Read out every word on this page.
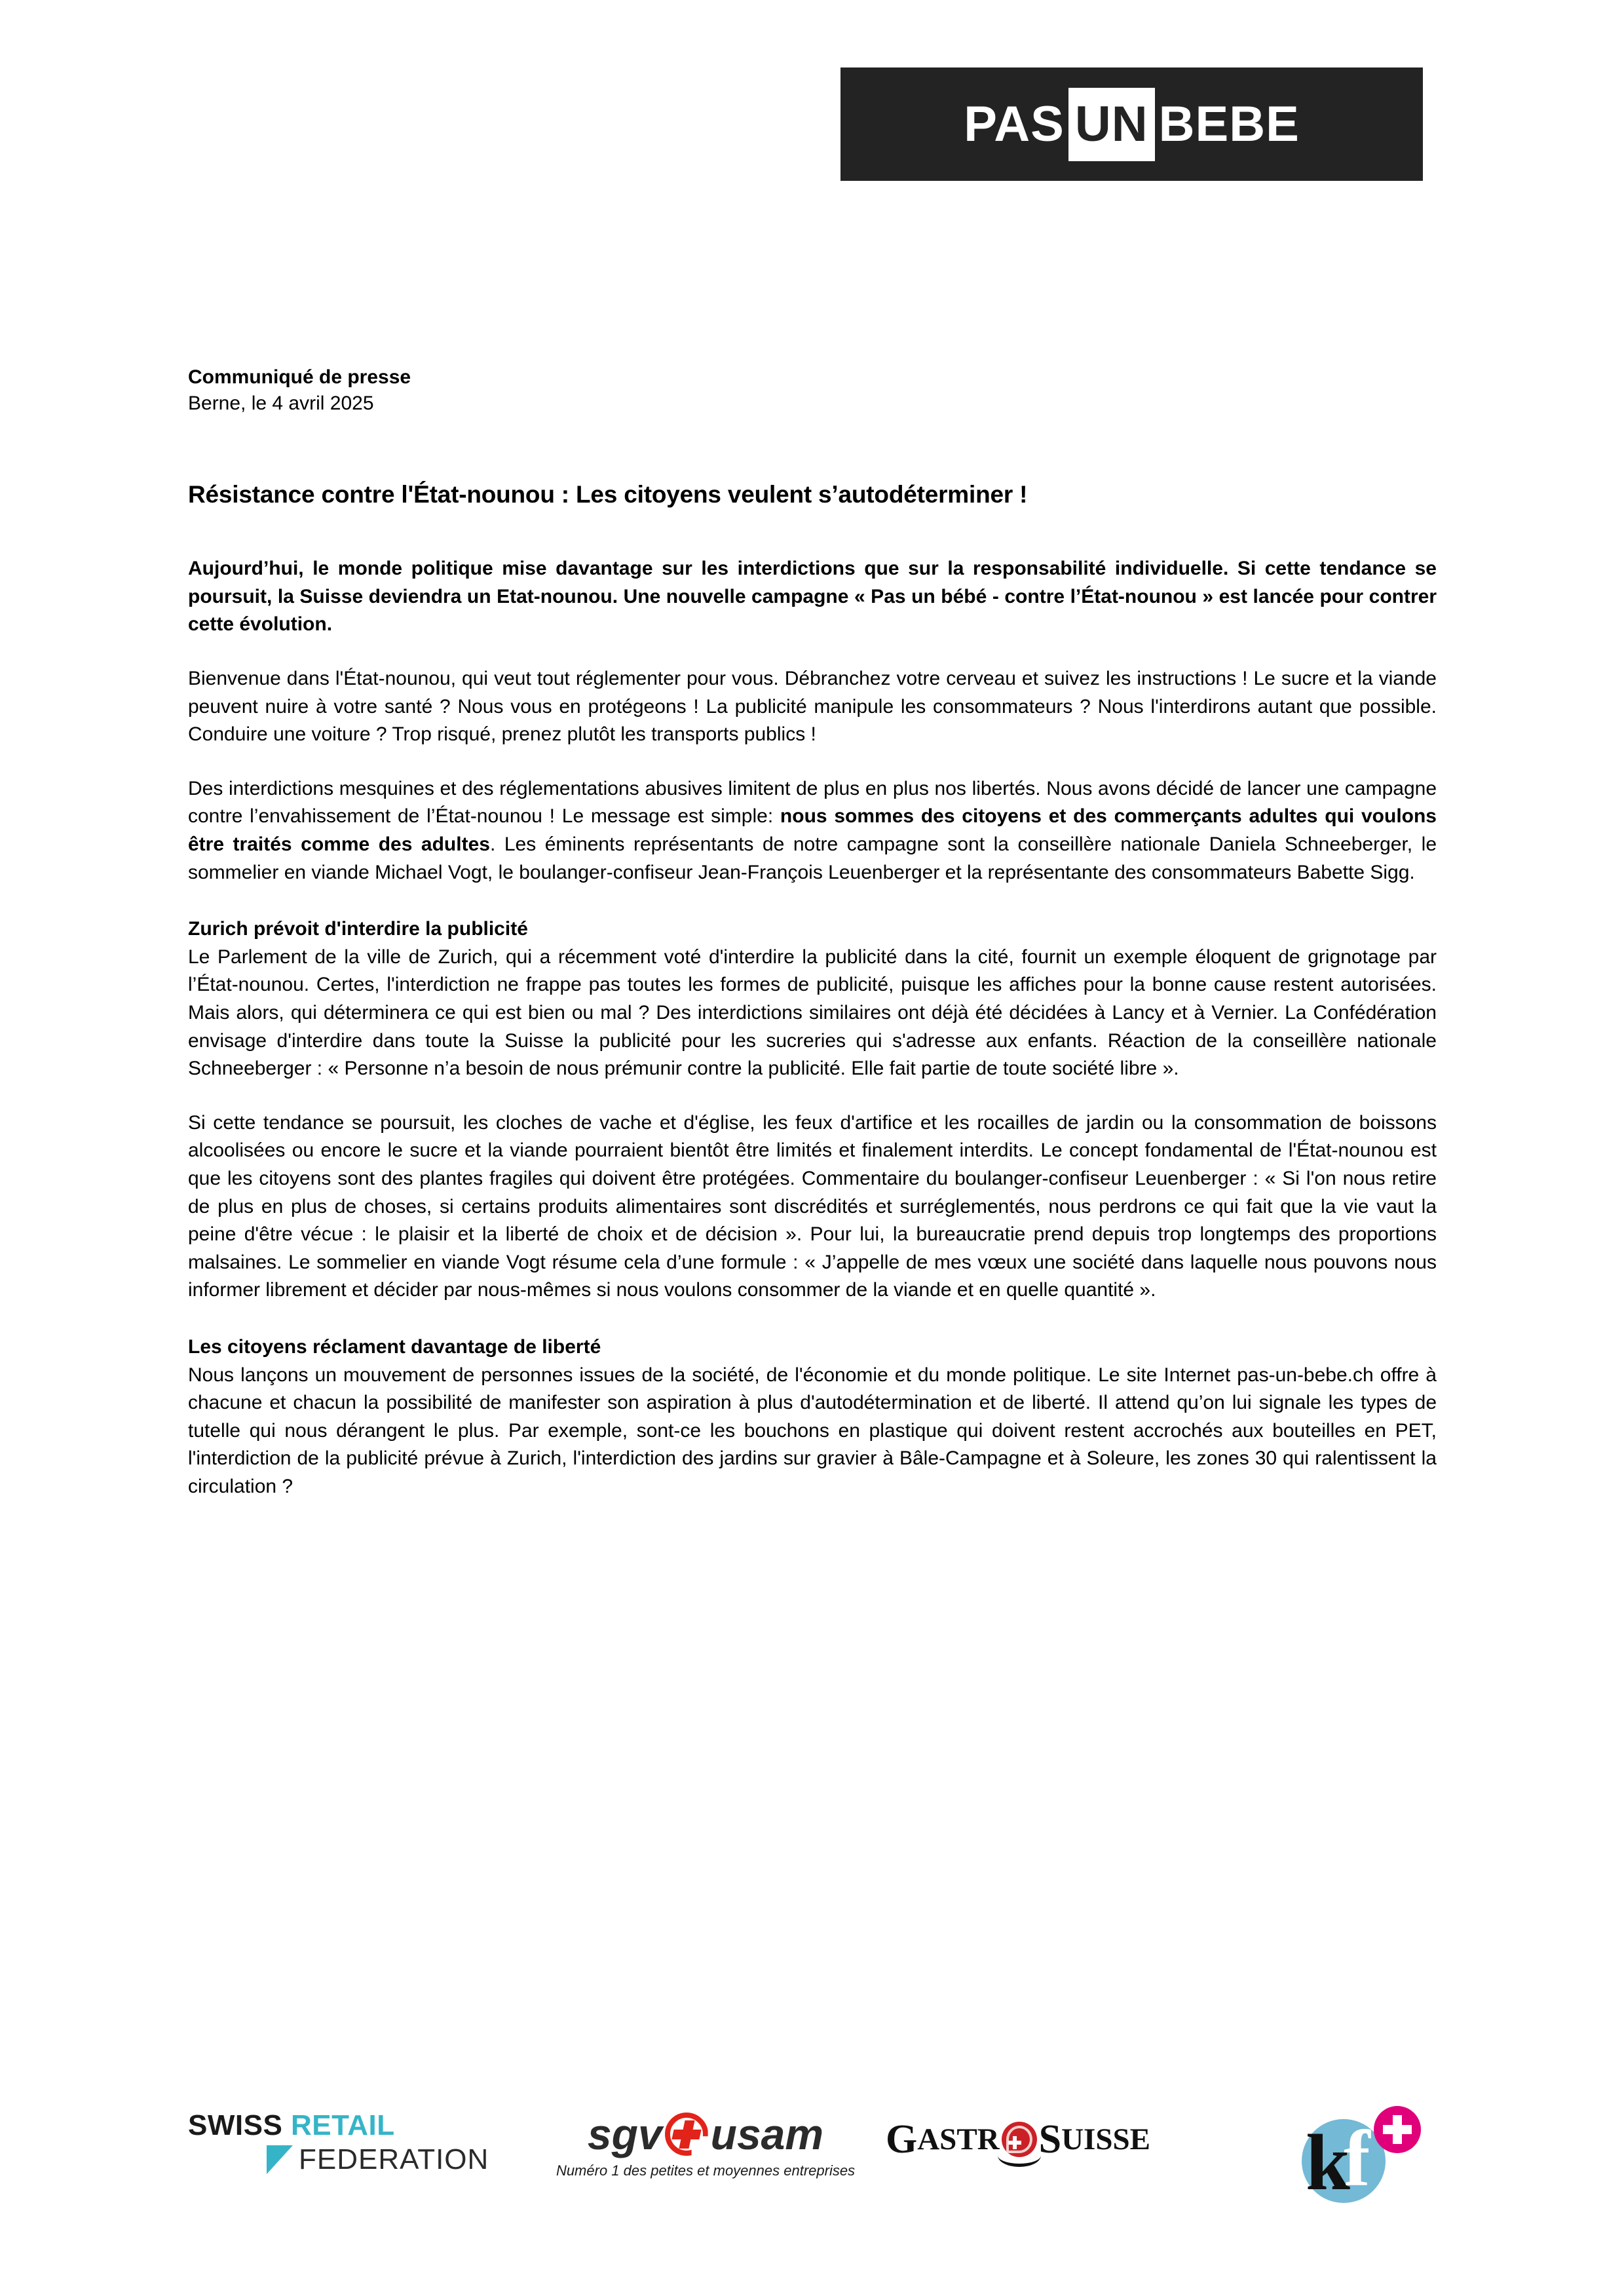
PAS UN BEBE
Communiqué de presse
Berne, le 4 avril 2025
Résistance contre l'État-nounou : Les citoyens veulent s’autodéterminer !

Aujourd’hui, le monde politique mise davantage sur les interdictions que sur la responsabilité individuelle. Si cette tendance se poursuit, la Suisse deviendra un Etat-nounou. Une nouvelle campagne « Pas un bébé - contre l’État-nounou » est lancée pour contrer cette évolution.

Bienvenue dans l'État-nounou, qui veut tout réglementer pour vous. Débranchez votre cerveau et suivez les instructions ! Le sucre et la viande peuvent nuire à votre santé ? Nous vous en protégeons ! La publicité manipule les consommateurs ? Nous l'interdirons autant que possible. Conduire une voiture ? Trop risqué, prenez plutôt les transports publics !

Des interdictions mesquines et des réglementations abusives limitent de plus en plus nos libertés. Nous avons décidé de lancer une campagne contre l’envahissement de l’État-nounou ! Le message est simple: nous sommes des citoyens et des commerçants adultes qui voulons être traités comme des adultes. Les éminents représentants de notre campagne sont la conseillère nationale Daniela Schneeberger, le sommelier en viande Michael Vogt, le boulanger-confiseur Jean-François Leuenberger et la représentante des consommateurs Babette Sigg.

Zurich prévoit d'interdire la publicité

Le Parlement de la ville de Zurich, qui a récemment voté d'interdire la publicité dans la cité, fournit un exemple éloquent de grignotage par l’État-nounou. Certes, l'interdiction ne frappe pas toutes les formes de publicité, puisque les affiches pour la bonne cause restent autorisées. Mais alors, qui déterminera ce qui est bien ou mal ? Des interdictions similaires ont déjà été décidées à Lancy et à Vernier. La Confédération envisage d'interdire dans toute la Suisse la publicité pour les sucreries qui s'adresse aux enfants. Réaction de la conseillère nationale Schneeberger : « Personne n’a besoin de nous prémunir contre la publicité. Elle fait partie de toute société libre ».

Si cette tendance se poursuit, les cloches de vache et d'église, les feux d'artifice et les rocailles de jardin ou la consommation de boissons alcoolisées ou encore le sucre et la viande pourraient bientôt être limités et finalement interdits. Le concept fondamental de l'État-nounou est que les citoyens sont des plantes fragiles qui doivent être protégées. Commentaire du boulanger-confiseur Leuenberger : « Si l'on nous retire de plus en plus de choses, si certains produits alimentaires sont discrédités et surréglementés, nous perdrons ce qui fait que la vie vaut la peine d'être vécue : le plaisir et la liberté de choix et de décision ». Pour lui, la bureaucratie prend depuis trop longtemps des proportions malsaines. Le sommelier en viande Vogt résume cela d’une formule : « J’appelle de mes vœux une société dans laquelle nous pouvons nous informer librement et décider par nous-mêmes si nous voulons consommer de la viande et en quelle quantité ».

Les citoyens réclament davantage de liberté

Nous lançons un mouvement de personnes issues de la société, de l'économie et du monde politique. Le site Internet pas-un-bebe.ch offre à chacune et chacun la possibilité de manifester son aspiration à plus d'autodétermination et de liberté. Il attend qu’on lui signale les types de tutelle qui nous dérangent le plus. Par exemple, sont-ce les bouchons en plastique qui doivent restent accrochés aux bouteilles en PET, l'interdiction de la publicité prévue à Zurich, l'interdiction des jardins sur gravier à Bâle-Campagne et à Soleure, les zones 30 qui ralentissent la circulation ?

SWISS RETAIL
FEDERATION
sgv usam
Numéro 1 des petites et moyennes entreprises
G ASTR S UISSE k
f
